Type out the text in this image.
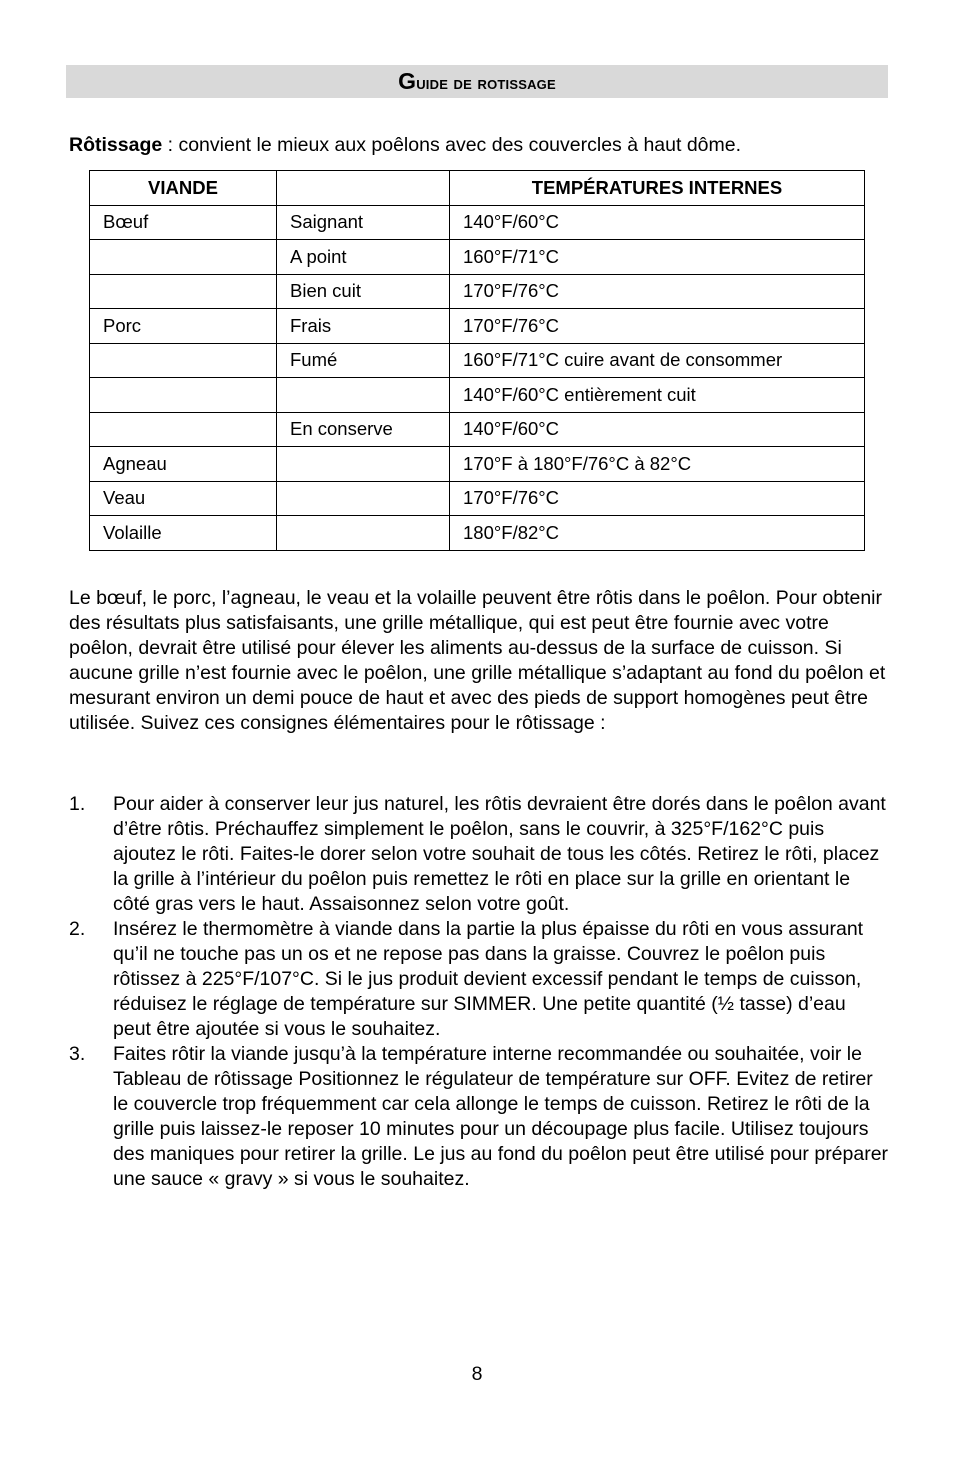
Guide de rotissage

Rôtissage : convient le mieux aux poêlons avec des couvercles à haut dôme.

VIANDE		TEMPÉRATURES INTERNES
Bœuf	Saignant	140°F/60°C
	A point	160°F/71°C
	Bien cuit	170°F/76°C
Porc	Frais	170°F/76°C
	Fumé	160°F/71°C cuire avant de consommer
		140°F/60°C entièrement cuit
	En conserve	140°F/60°C
Agneau		170°F à 180°F/76°C à 82°C
Veau		170°F/76°C
Volaille		180°F/82°C

Le bœuf, le porc, l’agneau, le veau et la volaille peuvent être rôtis dans le poêlon. Pour obtenir des résultats plus satisfaisants, une grille métallique, qui est peut être fournie avec votre poêlon, devrait être utilisé pour élever les aliments au-dessus de la surface de cuisson. Si aucune grille n’est fournie avec le poêlon, une grille métallique s’adaptant au fond du poêlon et mesurant environ un demi pouce de haut et avec des pieds de support homogènes peut être utilisée. Suivez ces consignes élémentaires pour le rôtissage :

1. Pour aider à conserver leur jus naturel, les rôtis devraient être dorés dans le poêlon avant d’être rôtis. Préchauffez simplement le poêlon, sans le couvrir, à 325°F/162°C puis ajoutez le rôti. Faites-le dorer selon votre souhait de tous les côtés. Retirez le rôti, placez la grille à l’intérieur du poêlon puis remettez le rôti en place sur la grille en orientant le côté gras vers le haut. Assaisonnez selon votre goût.
2. Insérez le thermomètre à viande dans la partie la plus épaisse du rôti en vous assurant qu’il ne touche pas un os et ne repose pas dans la graisse. Couvrez le poêlon puis rôtissez à 225°F/107°C. Si le jus produit devient excessif pendant le temps de cuisson, réduisez le réglage de température sur SIMMER. Une petite quantité (½ tasse) d’eau peut être ajoutée si vous le souhaitez.
3. Faites rôtir la viande jusqu’à la température interne recommandée ou souhaitée, voir le Tableau de rôtissage Positionnez le régulateur de température sur OFF. Evitez de retirer le couvercle trop fréquemment car cela allonge le temps de cuisson. Retirez le rôti de la grille puis laissez-le reposer 10 minutes pour un découpage plus facile. Utilisez toujours des maniques pour retirer la grille. Le jus au fond du poêlon peut être utilisé pour préparer une sauce « gravy » si vous le souhaitez.

8
